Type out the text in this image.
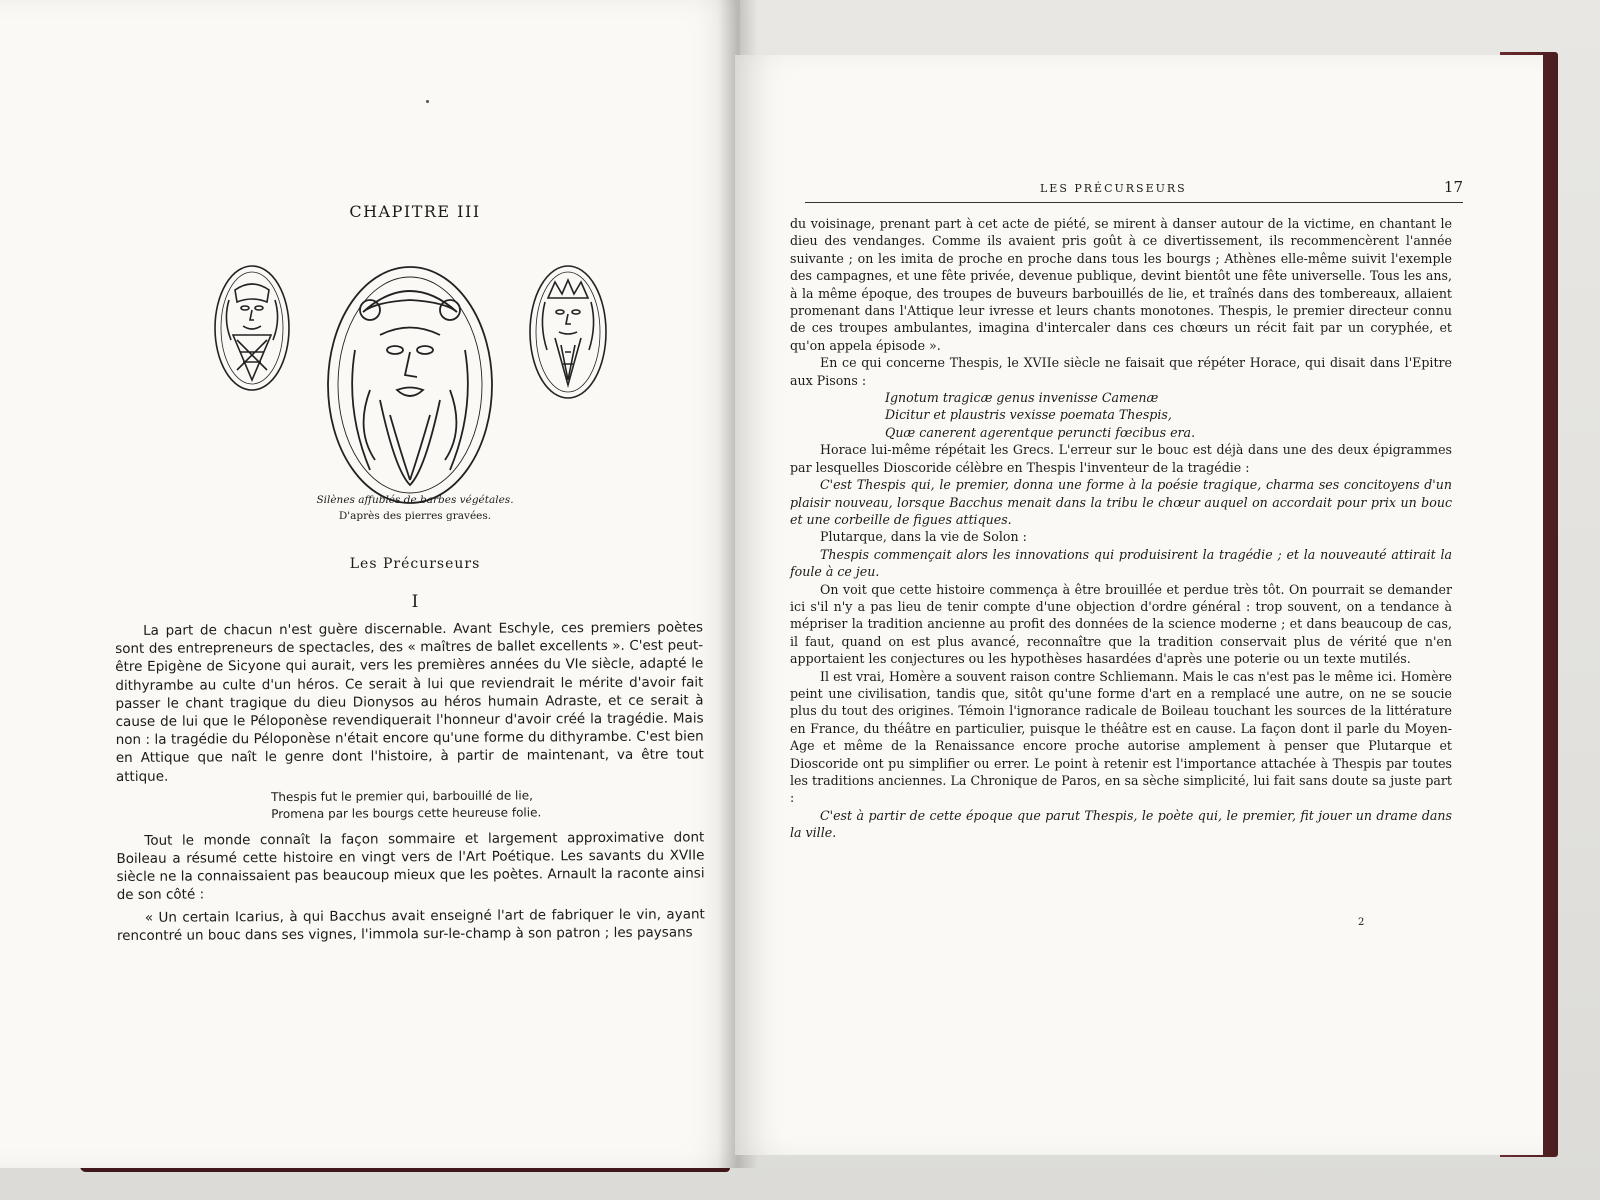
CHAPITRE III
Silènes affublés de barbes végétales.
D'après des pierres gravées.
Les Précurseurs
I

La part de chacun n'est guère discernable. Avant Eschyle, ces premiers poètes sont des entrepreneurs de spectacles, des « maîtres de ballet excellents ». C'est peut-être Epigène de Sicyone qui aurait, vers les premières années du VIe siècle, adapté le dithyrambe au culte d'un héros. Ce serait à lui que reviendrait le mérite d'avoir fait passer le chant tragique du dieu Dionysos au héros humain Adraste, et ce serait à cause de lui que le Péloponèse revendiquerait l'honneur d'avoir créé la tragédie. Mais non : la tragédie du Péloponèse n'était encore qu'une forme du dithyrambe. C'est bien en Attique que naît le genre dont l'histoire, à partir de maintenant, va être tout attique.

Thespis fut le premier qui, barbouillé de lie,
Promena par les bourgs cette heureuse folie.

Tout le monde connaît la façon sommaire et largement approximative dont Boileau a résumé cette histoire en vingt vers de l'Art Poétique. Les savants du XVIIe siècle ne la connaissaient pas beaucoup mieux que les poètes. Arnault la raconte ainsi de son côté :

« Un certain Icarius, à qui Bacchus avait enseigné l'art de fabriquer le vin, ayant rencontré un bouc dans ses vignes, l'immola sur-le-champ à son patron ; les paysans

LES PRÉCURSEURS	17

du voisinage, prenant part à cet acte de piété, se mirent à danser autour de la victime, en chantant le dieu des vendanges. Comme ils avaient pris goût à ce divertissement, ils recommencèrent l'année suivante ; on les imita de proche en proche dans tous les bourgs ; Athènes elle-même suivit l'exemple des campagnes, et une fête privée, devenue publique, devint bientôt une fête universelle. Tous les ans, à la même époque, des troupes de buveurs barbouillés de lie, et traînés dans des tombereaux, allaient promenant dans l'Attique leur ivresse et leurs chants monotones. Thespis, le premier directeur connu de ces troupes ambulantes, imagina d'intercaler dans ces chœurs un récit fait par un coryphée, et qu'on appela épisode ».

En ce qui concerne Thespis, le XVIIe siècle ne faisait que répéter Horace, qui disait dans l'Epitre aux Pisons :

Ignotum tragicæ genus invenisse Camenæ
Dicitur et plaustris vexisse poemata Thespis,
Quæ canerent agerentque peruncti fœcibus era.

Horace lui-même répétait les Grecs. L'erreur sur le bouc est déjà dans une des deux épigrammes par lesquelles Dioscoride célèbre en Thespis l'inventeur de la tragédie :

C'est Thespis qui, le premier, donna une forme à la poésie tragique, charma ses concitoyens d'un plaisir nouveau, lorsque Bacchus menait dans la tribu le chœur auquel on accordait pour prix un bouc et une corbeille de figues attiques.

Plutarque, dans la vie de Solon :

Thespis commençait alors les innovations qui produisirent la tragédie ; et la nouveauté attirait la foule à ce jeu.

On voit que cette histoire commença à être brouillée et perdue très tôt. On pourrait se demander ici s'il n'y a pas lieu de tenir compte d'une objection d'ordre général : trop souvent, on a tendance à mépriser la tradition ancienne au profit des données de la science moderne ; et dans beaucoup de cas, il faut, quand on est plus avancé, reconnaître que la tradition conservait plus de vérité que n'en apportaient les conjectures ou les hypothèses hasardées d'après une poterie ou un texte mutilés.

Il est vrai, Homère a souvent raison contre Schliemann. Mais le cas n'est pas le même ici. Homère peint une civilisation, tandis que, sitôt qu'une forme d'art en a remplacé une autre, on ne se soucie plus du tout des origines. Témoin l'ignorance radicale de Boileau touchant les sources de la littérature en France, du théâtre en particulier, puisque le théâtre est en cause. La façon dont il parle du Moyen-Age et même de la Renaissance encore proche autorise amplement à penser que Plutarque et Dioscoride ont pu simplifier ou errer. Le point à retenir est l'importance attachée à Thespis par toutes les traditions anciennes. La Chronique de Paros, en sa sèche simplicité, lui fait sans doute sa juste part :

C'est à partir de cette époque que parut Thespis, le poète qui, le premier, fit jouer un drame dans la ville.

2
